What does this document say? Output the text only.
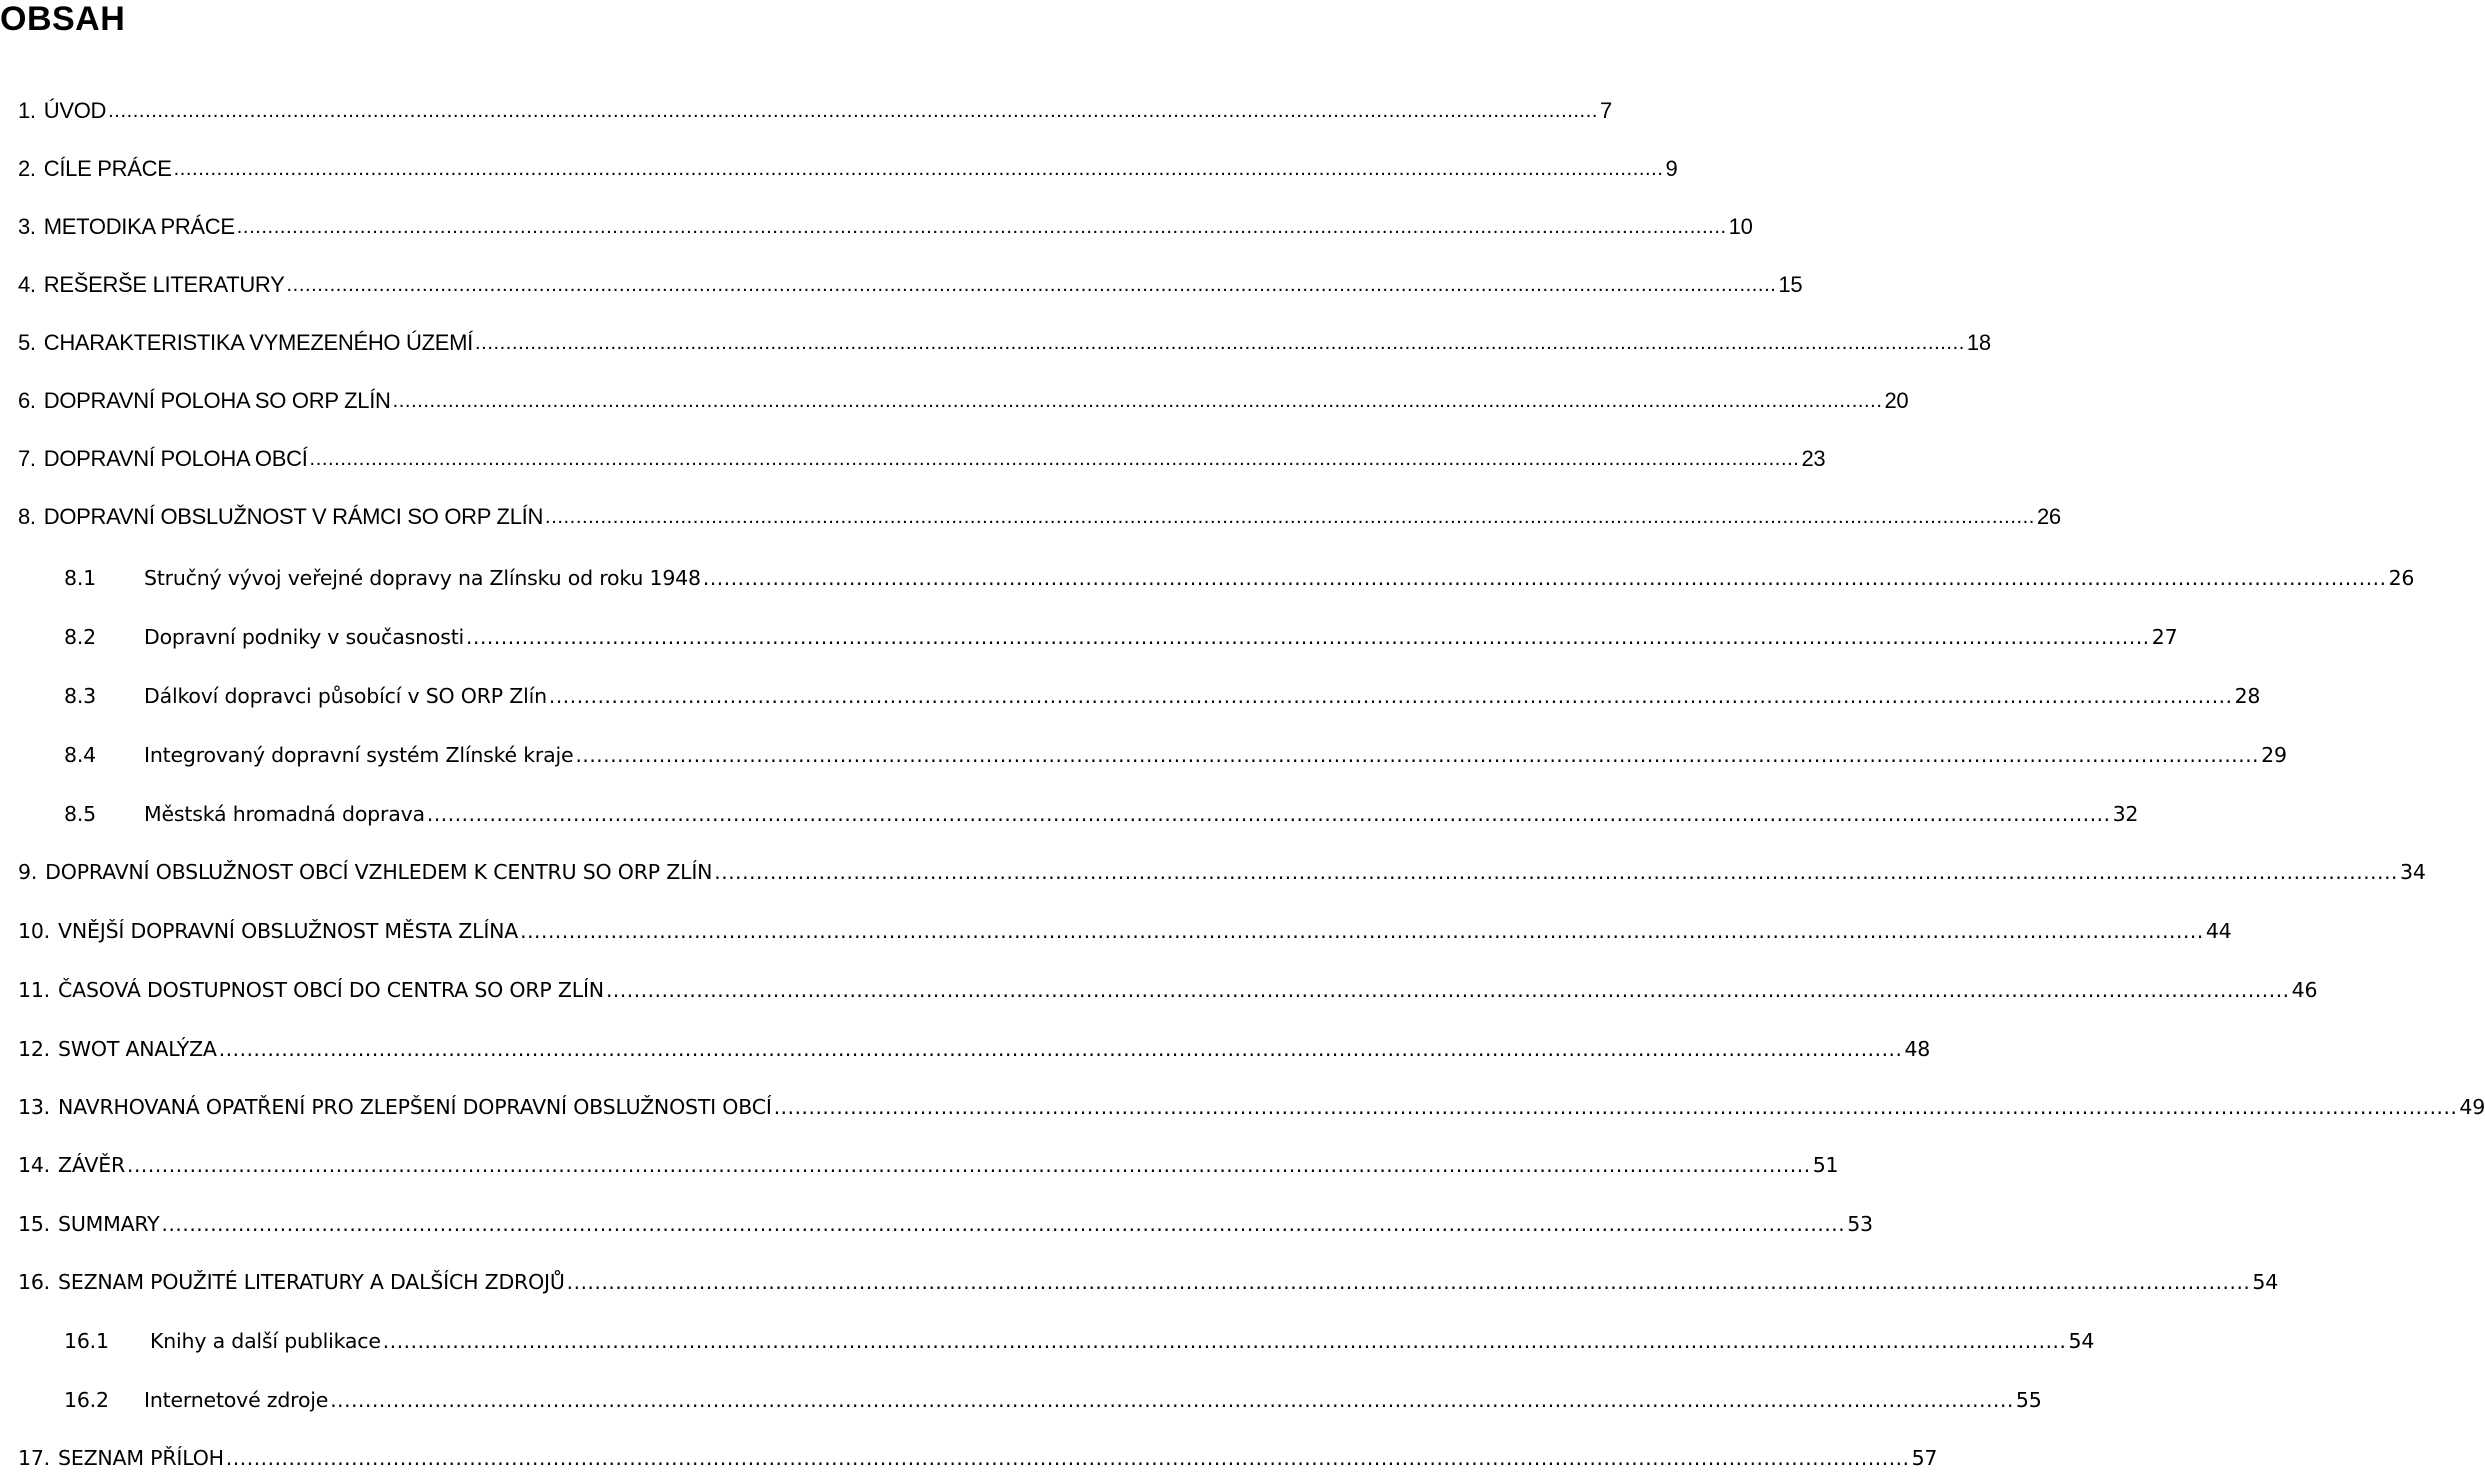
OBSAH
1. ÚVOD .................................................................................................................................................................................................................................................. 7
2. CÍLE PRÁCE .................................................................................................................................................................................................................................................. 9
3. METODIKA PRÁCE .................................................................................................................................................................................................................................................. 10
4. REŠERŠE LITERATURY .................................................................................................................................................................................................................................................. 15
5. CHARAKTERISTIKA VYMEZENÉHO ÚZEMÍ .................................................................................................................................................................................................................................................. 18
6. DOPRAVNÍ POLOHA SO ORP ZLÍN .................................................................................................................................................................................................................................................. 20
7. DOPRAVNÍ POLOHA OBCÍ .................................................................................................................................................................................................................................................. 23
8. DOPRAVNÍ OBSLUŽNOST V RÁMCI SO ORP ZLÍN .................................................................................................................................................................................................................................................. 26
8.1	Stručný vývoj veřejné dopravy na Zlínsku od roku 1948 .................................................................................................................................................................................................................................................. 26
8.2	Dopravní podniky v současnosti .................................................................................................................................................................................................................................................. 27
8.3	Dálkoví dopravci působící v SO ORP Zlín .................................................................................................................................................................................................................................................. 28
8.4	Integrovaný dopravní systém Zlínské kraje .................................................................................................................................................................................................................................................. 29
8.5	Městská hromadná doprava .................................................................................................................................................................................................................................................. 32
9. DOPRAVNÍ OBSLUŽNOST OBCÍ VZHLEDEM K CENTRU SO ORP ZLÍN .................................................................................................................................................................................................................................................. 34
10. VNĚJŠÍ DOPRAVNÍ OBSLUŽNOST MĚSTA ZLÍNA .................................................................................................................................................................................................................................................. 44
11. ČASOVÁ DOSTUPNOST OBCÍ DO CENTRA SO ORP ZLÍN .................................................................................................................................................................................................................................................. 46
12. SWOT ANALÝZA .................................................................................................................................................................................................................................................. 48
13. NAVRHOVANÁ OPATŘENÍ PRO ZLEPŠENÍ DOPRAVNÍ OBSLUŽNOSTI OBCÍ .................................................................................................................................................................................................................................................. 49
14. ZÁVĚR .................................................................................................................................................................................................................................................. 51
15. SUMMARY .................................................................................................................................................................................................................................................. 53
16. SEZNAM POUŽITÉ LITERATURY A DALŠÍCH ZDROJŮ .................................................................................................................................................................................................................................................. 54
16.1	Knihy a další publikace .................................................................................................................................................................................................................................................. 54
16.2	Internetové zdroje .................................................................................................................................................................................................................................................. 55
17. SEZNAM PŘÍLOH .................................................................................................................................................................................................................................................. 57
